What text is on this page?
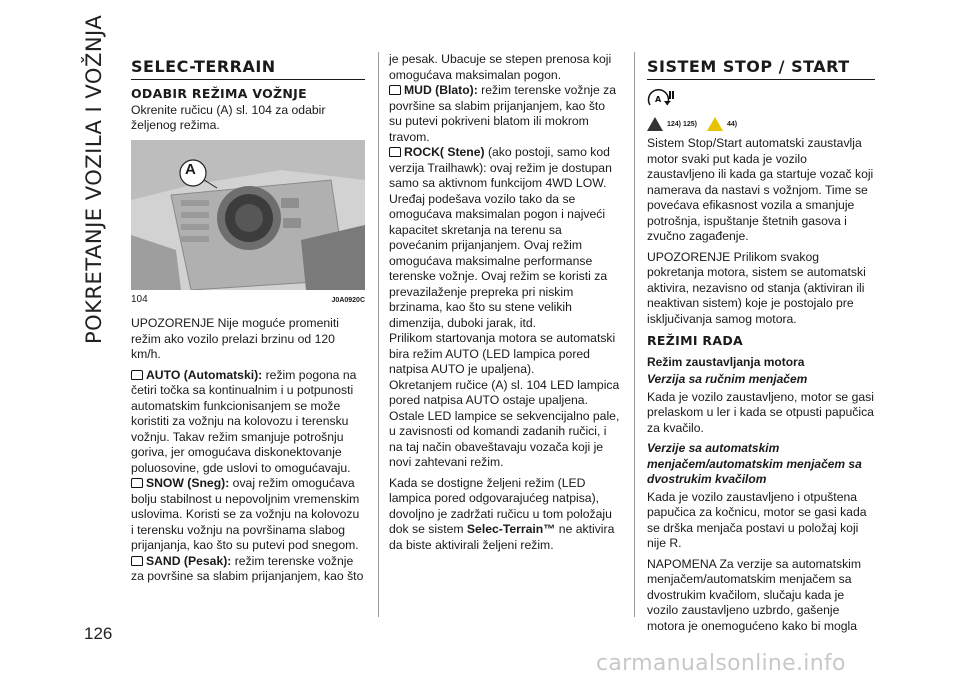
POKRETANJE VOZILA I VOŽNJA SELEC-TERRAIN
ODABIR REŽIMA VOŽNJE

Okrenite ručicu (A) sl. 104 za odabir željenog režima.

A
104	J0A0920C

UPOZORENJE Nije moguće promeniti režim ako vozilo prelazi brzinu od 120 km/h.

AUTO (Automatski): režim pogona na četiri točka sa kontinualnim i u potpunosti automatskim funkcionisanjem se može koristiti za vožnju na kolovozu i terensku vožnju. Takav režim smanjuje potrošnju goriva, jer omogućava diskonektovanje poluosovine, gde uslovi to omogućavaju.

SNOW (Sneg): ovaj režim omogućava bolju stabilnost u nepovoljnim vremenskim uslovima. Koristi se za vožnju na kolovozu i terensku vožnju na površinama slabog prijanjanja, kao što su putevi pod snegom.

SAND (Pesak): režim terenske vožnje za površine sa slabim prijanjanjem, kao što

je pesak. Ubacuje se stepen prenosa koji omogućava maksimalan pogon.

MUD (Blato): režim terenske vožnje za površine sa slabim prijanjanjem, kao što su putevi pokriveni blatom ili mokrom travom.

ROCK( Stene) (ako postoji, samo kod verzija Trailhawk): ovaj režim je dostupan samo sa aktivnom funkcijom 4WD LOW. Uređaj podešava vozilo tako da se omogućava maksimalan pogon i najveći kapacitet skretanja na terenu sa povećanim prijanjanjem. Ovaj režim omogućava maksimalne performanse terenske vožnje. Ovaj režim se koristi za prevazilaženje prepreka pri niskim brzinama, kao što su stene velikih dimenzija, duboki jarak, itd.

Prilikom startovanja motora se automatski bira režim AUTO (LED lampica pored natpisa AUTO je upaljena).

Okretanjem ručice (A) sl. 104 LED lampica pored natpisa AUTO ostaje upaljena.

Ostale LED lampice se sekvencijalno pale, u zavisnosti od komandi zadanih ručici, i na taj način obaveštavaju vozača koji je novi zahtevani režim.

Kada se dostigne željeni režim (LED lampica pored odgovarajućeg natpisa), dovoljno je zadržati ručicu u tom položaju dok se sistem Selec-Terrain™ ne aktivira da biste aktivirali željeni režim.

SISTEM STOP / START
A
124) 125)	44)

Sistem Stop/Start automatski zaustavlja motor svaki put kada je vozilo zaustavljeno ili kada ga startuje vozač koji namerava da nastavi s vožnjom. Time se povećava efikasnost vozila a smanjuje potrošnja, ispuštanje štetnih gasova i zvučno zagađenje.

UPOZORENJE Prilikom svakog pokretanja motora, sistem se automatski aktivira, nezavisno od stanja (aktiviran ili neaktivan sistem) koje je postojalo pre isključivanja samog motora.

REŽIMI RADA
Režim zaustavljanja motora
Verzija sa ručnim menjačem

Kada je vozilo zaustavljeno, motor se gasi prelaskom u ler i kada se otpusti papučica za kvačilo.

Verzije sa automatskim menjačem/automatskim menjačem sa dvostrukim kvačilom

Kada je vozilo zaustavljeno i otpuštena papučica za kočnicu, motor se gasi kada se drška menjača postavi u položaj koji nije R.

NAPOMENA Za verzije sa automatskim menjačem/automatskim menjačem sa dvostrukim kvačilom, slučaju kada je vozilo zaustavljeno uzbrdo, gašenje motora je onemogućeno kako bi mogla

126
carmanualsonline.info
